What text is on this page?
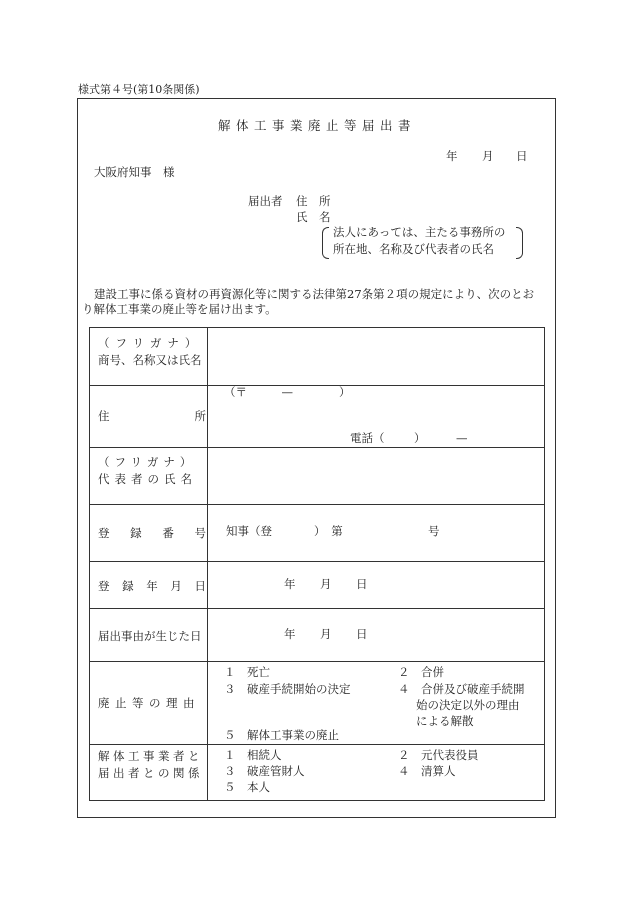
様式第４号(第10条関係)
解体工事業廃止等届出書
年 月 日
大阪府知事　様
届出者 住　所
氏　名
法人にあっては、主たる事務所の
所在地、名称及び代表者の氏名
建設工事に係る資材の再資源化等に関する法律第27条第２項の規定により、次のとお
り解体工事業の廃止等を届け出ます。
（フリガナ）
商号、名称又は氏名
住	所
（〒　　　—　　　　）
電話（	）	—
（フリガナ）
代表者の氏名
登 録 番 号 知事（登	）　第	号
登 録 年 月 日	年 月 日
届出事由が生じた日	年 月 日
廃止等の理由
１　死亡	２　合併
３　破産手続開始の決定	４　合併及び破産手続開
始の決定以外の理由
による解散
５　解体工事業の廃止
解体工事業者と
届出者との関係
１　相続人	２　元代表役員
３　破産管財人	４　清算人
５　本人
